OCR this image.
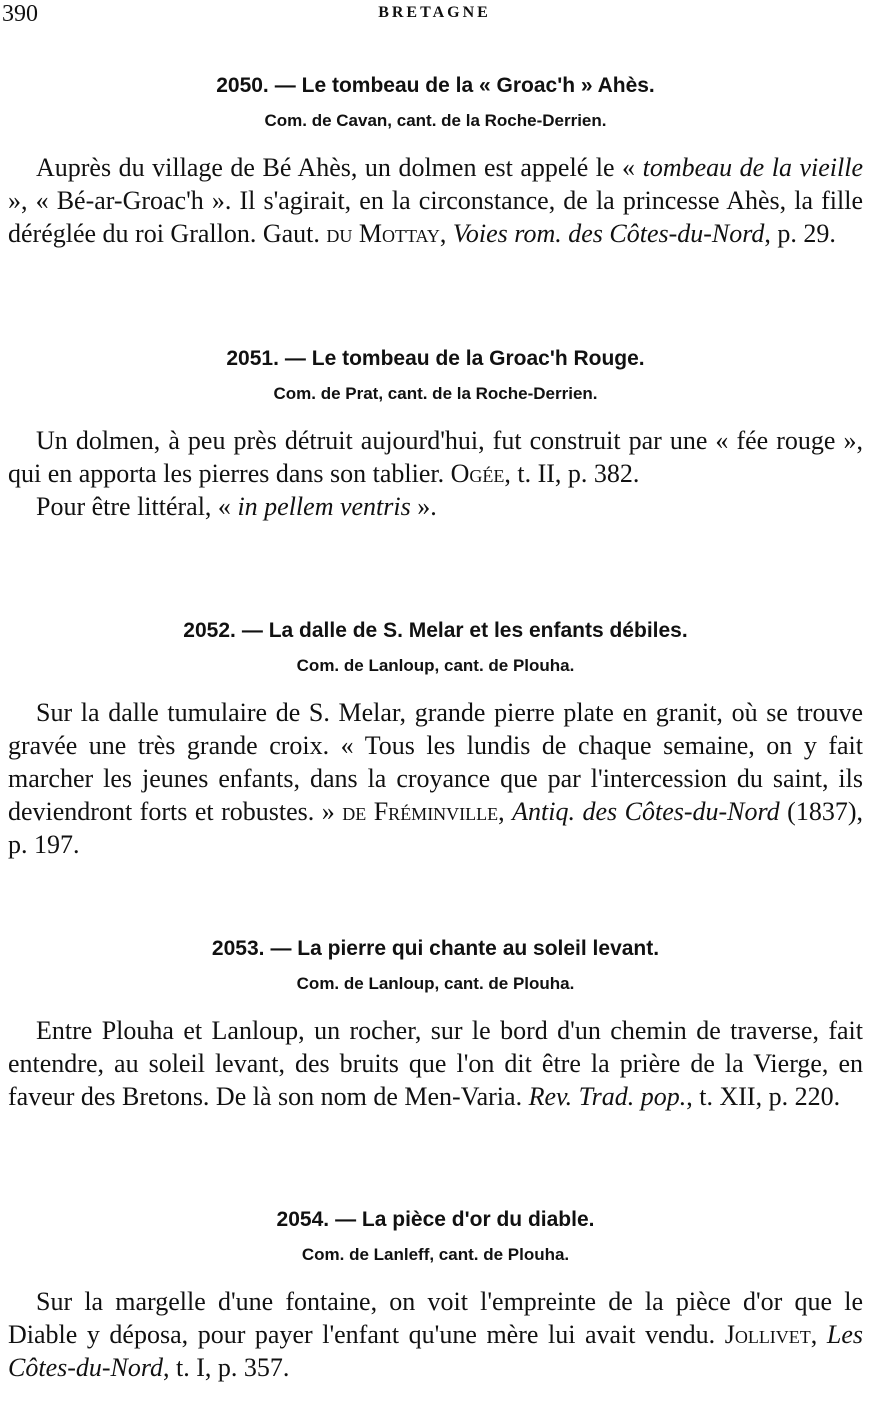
390	BRETAGNE
2050. — Le tombeau de la « Groac'h » Ahès.
Com. de Cavan, cant. de la Roche-Derrien.
Auprès du village de Bé Ahès, un dolmen est appelé le « tombeau de la vieille », « Bé-ar-Groac'h ». Il s'agirait, en la circonstance, de la princesse Ahès, la fille déréglée du roi Grallon. Gaut. du Mottay, Voies rom. des Côtes-du-Nord, p. 29.
2051. — Le tombeau de la Groac'h Rouge.
Com. de Prat, cant. de la Roche-Derrien.
Un dolmen, à peu près détruit aujourd'hui, fut construit par une « fée rouge », qui en apporta les pierres dans son tablier. Ogée, t. II, p. 382.
Pour être littéral, « in pellem ventris ».
2052. — La dalle de S. Melar et les enfants débiles.
Com. de Lanloup, cant. de Plouha.
Sur la dalle tumulaire de S. Melar, grande pierre plate en granit, où se trouve gravée une très grande croix. « Tous les lundis de chaque semaine, on y fait marcher les jeunes enfants, dans la croyance que par l'intercession du saint, ils deviendront forts et robustes. » de Fréminville, Antiq. des Côtes-du-Nord (1837), p. 197.
2053. — La pierre qui chante au soleil levant.
Com. de Lanloup, cant. de Plouha.
Entre Plouha et Lanloup, un rocher, sur le bord d'un chemin de traverse, fait entendre, au soleil levant, des bruits que l'on dit être la prière de la Vierge, en faveur des Bretons. De là son nom de Men-Varia. Rev. Trad. pop., t. XII, p. 220.
2054. — La pièce d'or du diable.
Com. de Lanleff, cant. de Plouha.
Sur la margelle d'une fontaine, on voit l'empreinte de la pièce d'or que le Diable y déposa, pour payer l'enfant qu'une mère lui avait vendu. Jollivet, Les Côtes-du-Nord, t. I, p. 357.
